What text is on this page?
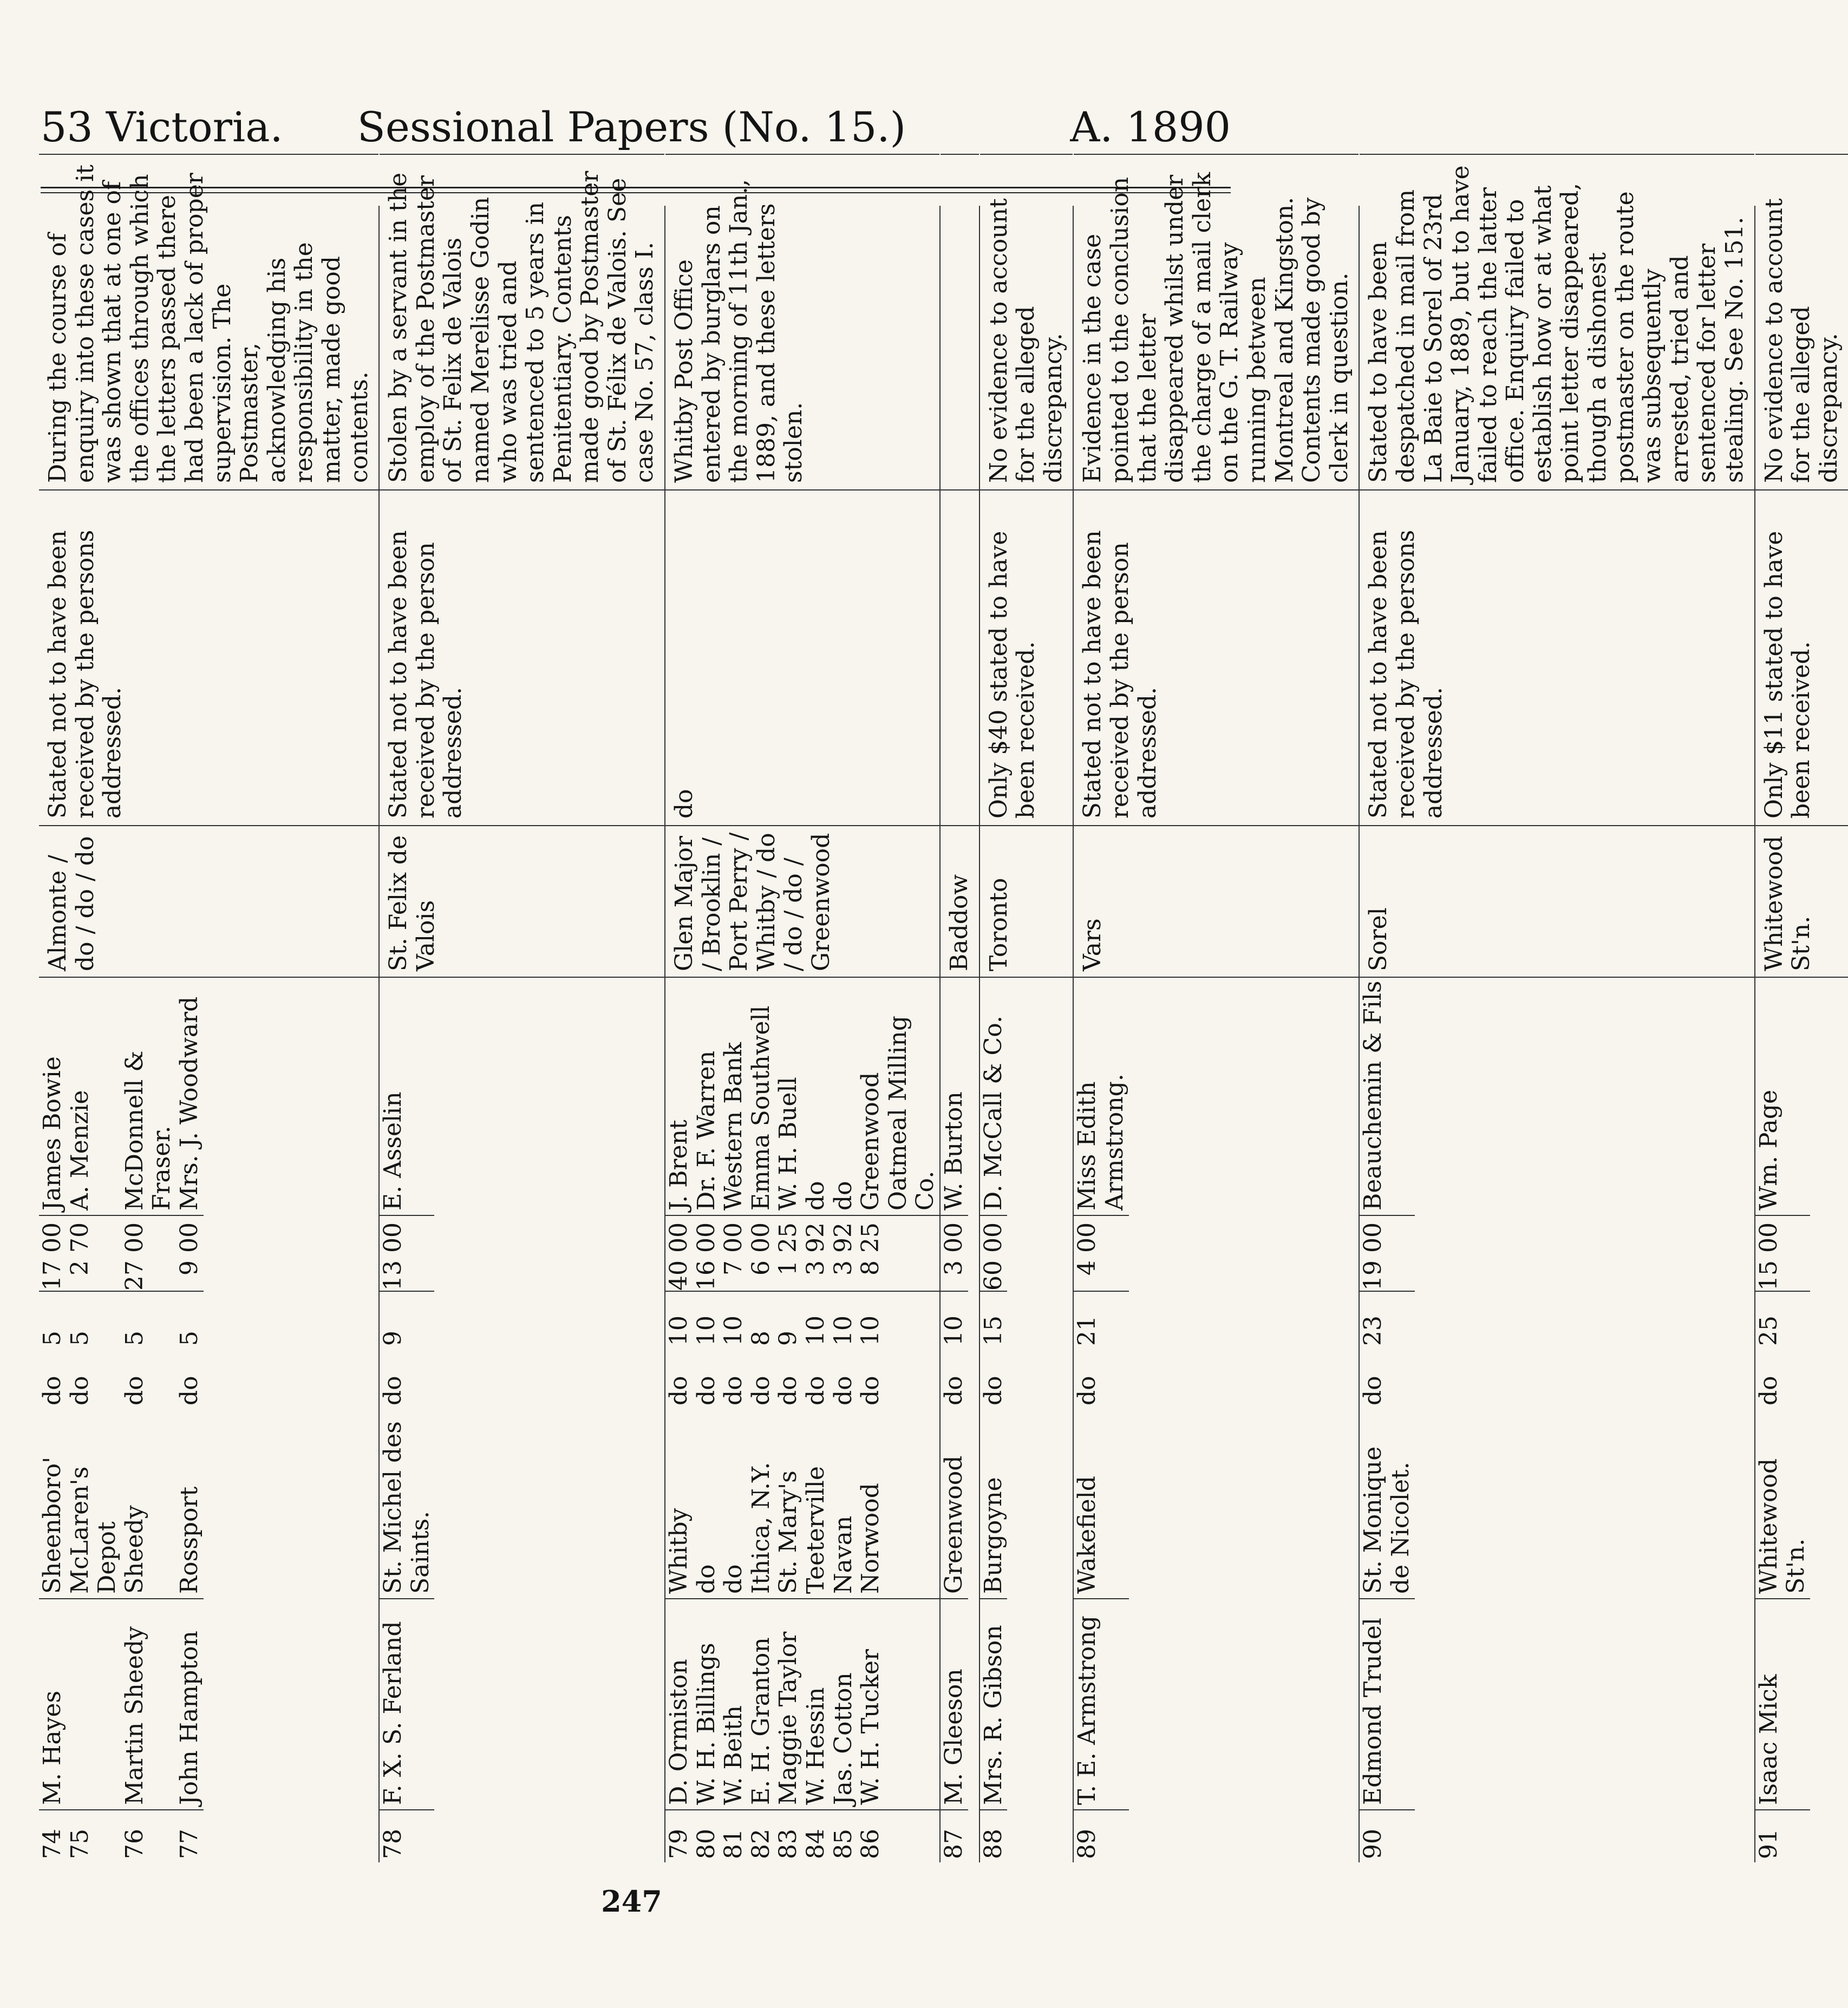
53 Victoria.	Sessional Papers (No. 15.)	A. 1890
74
M. Hayes
Sheenboro'
do
5
17 00
James Bowie
75
McLaren's Depot
do
5
2 70
A. Menzie
76
Martin Sheedy
Sheedy
do
5
27 00
McDonnell & Fraser.
77
John Hampton
Rossport
do
5
9 00
Mrs. J. Woodward
Almonte / do / do / do
Stated not to have been received by the persons addressed.
During the course of enquiry into these cases it was shown that at one of the offices through which the letters passed there had been a lack of proper supervision. The Postmaster, acknowledging his responsibility in the matter, made good contents.
78
F. X. S. Ferland
St. Michel des Saints.
do
9
13 00
E. Asselin
St. Felix de Valois
Stated not to have been received by the person addressed.
Stolen by a servant in the employ of the Postmaster of St. Felix de Valois named Merelisse Godin who was tried and sentenced to 5 years in Penitentiary. Contents made good by Postmaster of St. Félix de Valois. See case No. 57, class I.
79
D. Ormiston
Whitby
do
10
40 00
J. Brent
80
W. H. Billings
do
do
10
16 00
Dr. F. Warren
81
W. Beith
do
do
10
7 00
Western Bank
82
E. H. Granton
Ithica, N.Y.
do
8
6 00
Emma Southwell
83
Maggie Taylor
St. Mary's
do
9
1 25
W. H. Buell
84
W. Hessin
Teeterville
do
10
3 92
do
85
Jas. Cotton
Navan
do
10
3 92
do
86
W. H. Tucker
Norwood
do
10
8 25
Greenwood Oatmeal Milling Co.
Glen Major / Brooklin / Port Perry / Whitby / do / do / do / Greenwood
do
Whitby Post Office entered by burglars on the morning of 11th Jan., 1889, and these letters stolen.
87
M. Gleeson
Greenwood
do
10
3 00
W. Burton
Baddow
88
Mrs. R. Gibson
Burgoyne
do
15
60 00
D. McCall & Co.
Toronto
Only $40 stated to have been received.
No evidence to account for the alleged discrepancy.
89
T. E. Armstrong
Wakefield
do
21
4 00
Miss Edith Armstrong.
Vars
Stated not to have been received by the person addressed.
Evidence in the case pointed to the conclusion that the letter disappeared whilst under the charge of a mail clerk on the G. T. Railway running between Montreal and Kingston. Contents made good by clerk in question.
90
Edmond Trudel
St. Monique de Nicolet.
do
23
19 00
Beauchemin & Fils
Sorel
Stated not to have been received by the persons addressed.
Stated to have been despatched in mail from La Baie to Sorel of 23rd January, 1889, but to have failed to reach the latter office. Enquiry failed to establish how or at what point letter disappeared, though a dishonest postmaster on the route was subsequently arrested, tried and sentenced for letter stealing. See No. 151.
91
Isaac Mick
Whitewood St'n.
do
25
15 00
Wm. Page
Whitewood St'n.
Only $11 stated to have been received.
No evidence to account for the alleged discrepancy.
247
